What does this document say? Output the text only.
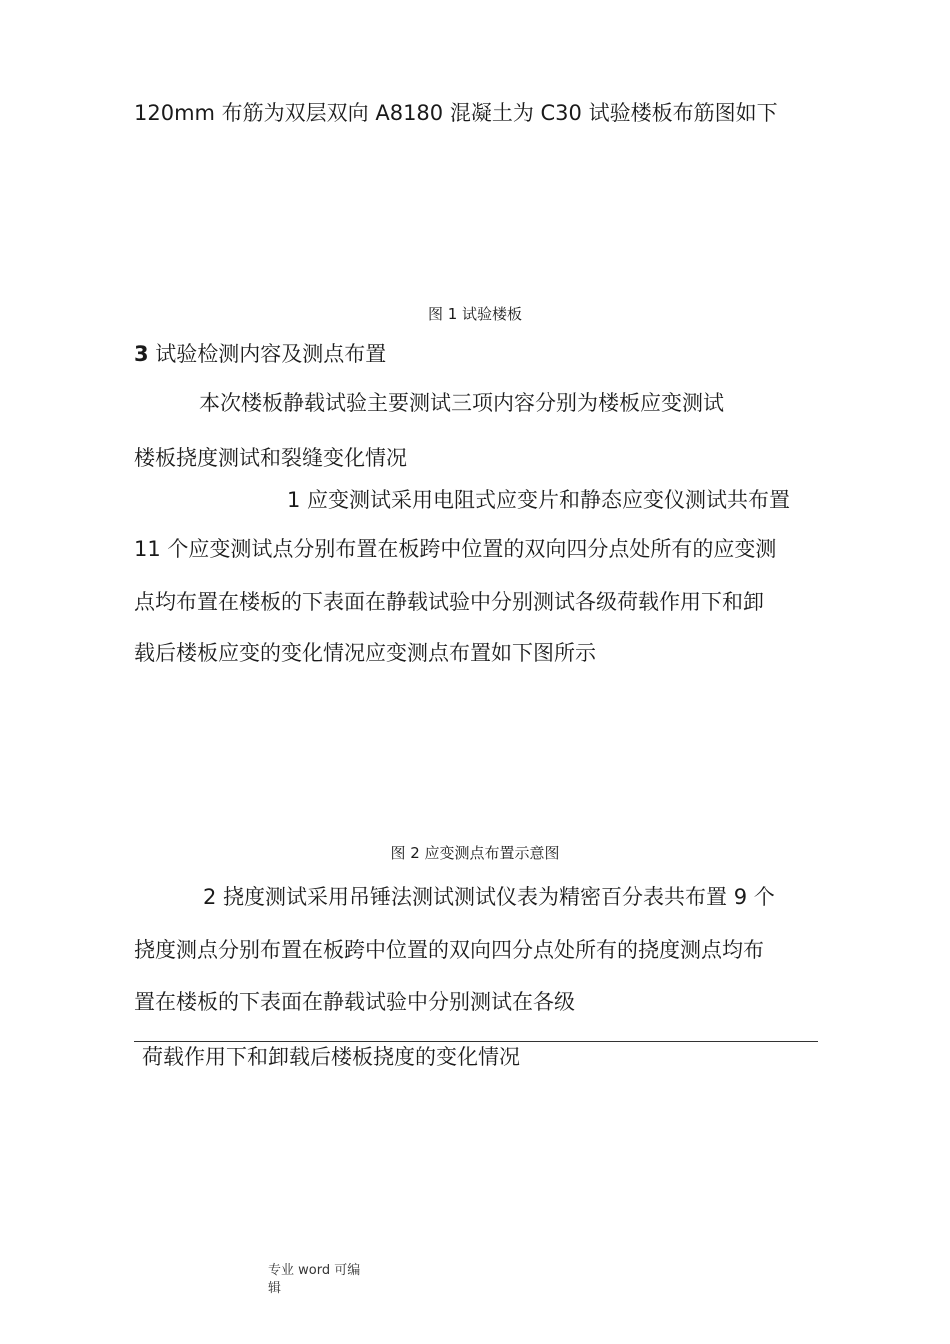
120mm 布筋为双层双向 A8180 混凝土为 C30 试验楼板布筋图如下
图 1 试验楼板
3 试验检测内容及测点布置
本次楼板静载试验主要测试三项内容分别为楼板应变测试
楼板挠度测试和裂缝变化情况
1 应变测试采用电阻式应变片和静态应变仪测试共布置
11 个应变测试点分别布置在板跨中位置的双向四分点处所有的应变测
点均布置在楼板的下表面在静载试验中分别测试各级荷载作用下和卸
载后楼板应变的变化情况应变测点布置如下图所示
图 2 应变测点布置示意图
2 挠度测试采用吊锤法测试测试仪表为精密百分表共布置 9 个
挠度测点分别布置在板跨中位置的双向四分点处所有的挠度测点均布
置在楼板的下表面在静载试验中分别测试在各级
荷载作用下和卸载后楼板挠度的变化情况
专业 word 可编
辑
